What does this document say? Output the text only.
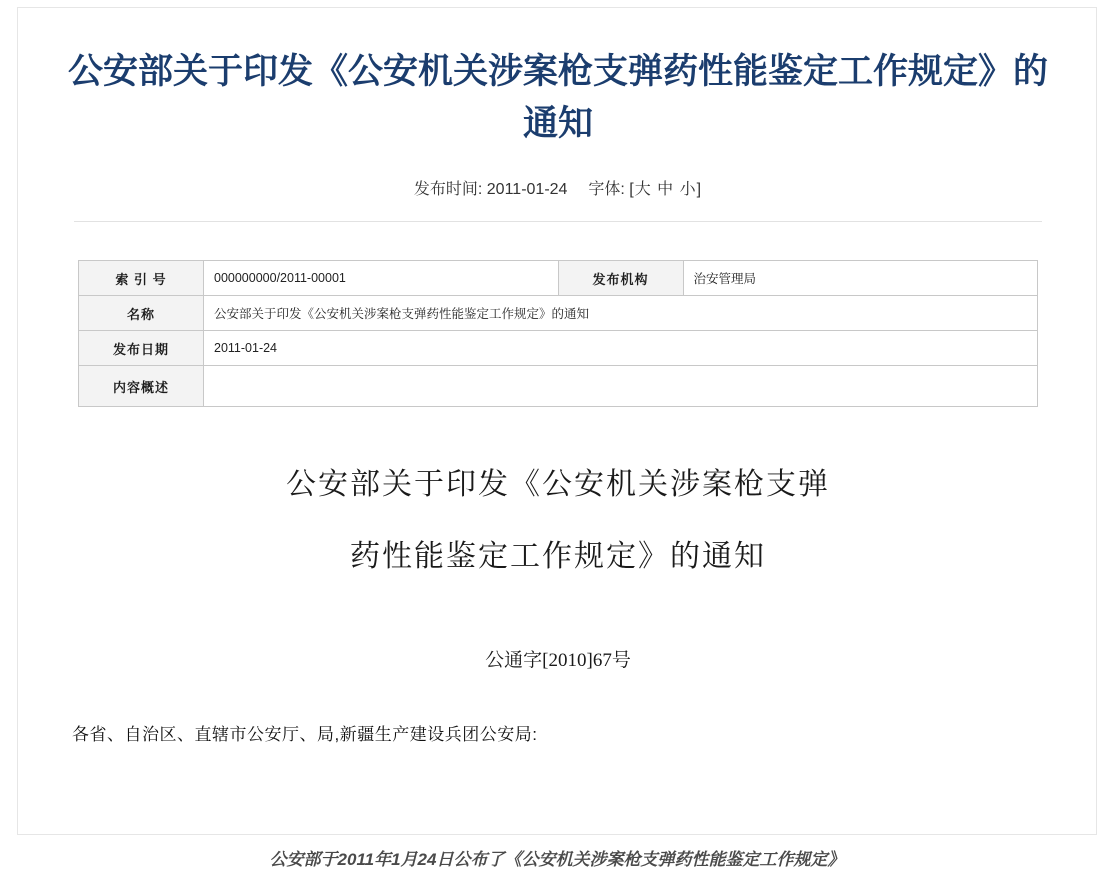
公安部关于印发《公安机关涉案枪支弹药性能鉴定工作规定》的通知
发布时间: 2011-01-24 字体: [大 中 小]
索 引 号	000000000/2011-00001	发布机构	治安管理局
名称	公安部关于印发《公安机关涉案枪支弹药性能鉴定工作规定》的通知		
发布日期	2011-01-24		
内容概述			
公安部关于印发《公安机关涉案枪支弹
药性能鉴定工作规定》的通知
公通字[2010]67号
各省、自治区、直辖市公安厅、局,新疆生产建设兵团公安局:
公安部于2011年1月24日公布了《公安机关涉案枪支弹药性能鉴定工作规定》
